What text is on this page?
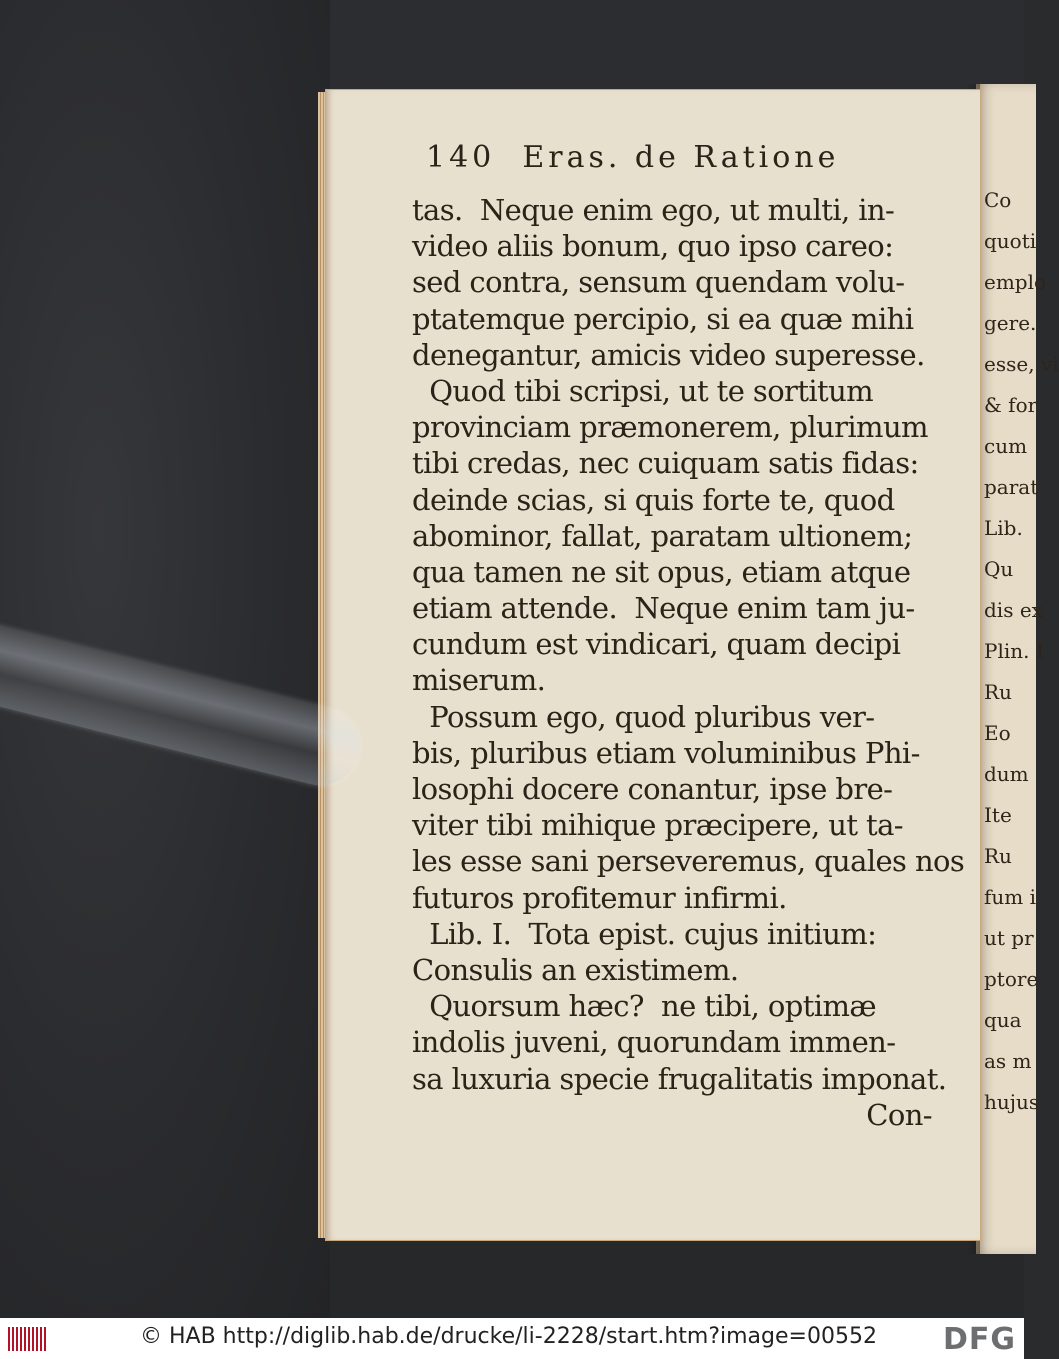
Co
quoti
emplo
gere.
esse, vi
& for
cum
parat
Lib.
Qu
dis ex
Plin. I
Ru
Eo
dum
Ite
Ru
fum i
ut pr
ptore
qua
as m
hujus
140  Eras. de Ratione
tas.  Neque enim ego, ut multi, in-
video aliis bonum, quo ipso careo:
sed contra, sensum quendam volu-
ptatemque percipio, si ea quæ mihi
denegantur, amicis video superesse.
Quod tibi scripsi, ut te sortitum
provinciam præmonerem, plurimum
tibi credas, nec cuiquam satis fidas:
deinde scias, si quis forte te, quod
abominor, fallat, paratam ultionem;
qua tamen ne sit opus, etiam atque
etiam attende.  Neque enim tam ju-
cundum est vindicari, quam decipi
miserum.
Possum ego, quod pluribus ver-
bis, pluribus etiam voluminibus Phi-
losophi docere conantur, ipse bre-
viter tibi mihique præcipere, ut ta-
les esse sani perseveremus, quales nos
futuros profitemur infirmi.
Lib. I.  Tota epist. cujus initium:
Consulis an existimem.
Quorsum hæc?  ne tibi, optimæ
indolis juveni, quorundam immen-
sa luxuria specie frugalitatis imponat.
Con-
© HAB http://diglib.hab.de/drucke/li-2228/start.htm?image=00552 DFG
